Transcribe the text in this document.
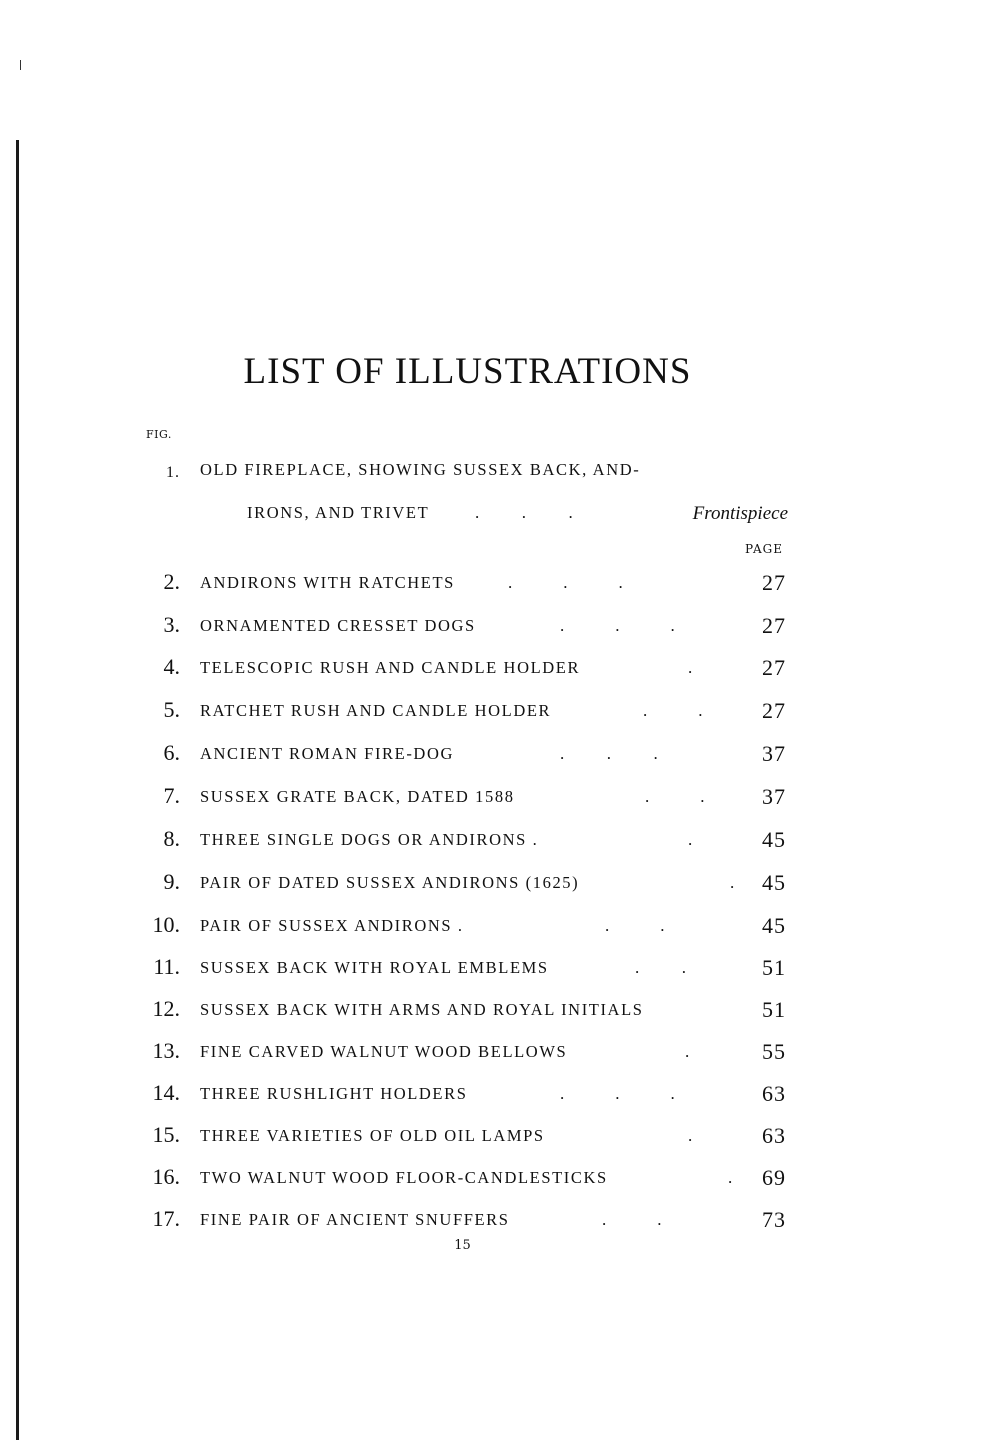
LIST OF ILLUSTRATIONS
FIG.
1. OLD FIREPLACE, SHOWING SUSSEX BACK, AND-
IRONS, AND TRIVET	.          .          .	Frontispiece
PAGE
2. ANDIRONS WITH RATCHETS	.            .            .	27
3. ORNAMENTED CRESSET DOGS	.            .            .	27
4. TELESCOPIC RUSH AND CANDLE HOLDER	.	27
5. RATCHET RUSH AND CANDLE HOLDER	.            .	27
6. ANCIENT ROMAN FIRE-DOG	.          .          .	37
7. SUSSEX GRATE BACK, DATED 1588	.            .	37
8. THREE SINGLE DOGS OR ANDIRONS .	.	45
9. PAIR OF DATED SUSSEX ANDIRONS (1625)	. 45
10. PAIR OF SUSSEX ANDIRONS .	.            .	45
11. SUSSEX BACK WITH ROYAL EMBLEMS	.          .	51
12. SUSSEX BACK WITH ARMS AND ROYAL INITIALS	51
13. FINE CARVED WALNUT WOOD BELLOWS	.	55
14. THREE RUSHLIGHT HOLDERS	.            .            .	63
15. THREE VARIETIES OF OLD OIL LAMPS	.	63
16. TWO WALNUT WOOD FLOOR-CANDLESTICKS	. 69
17. FINE PAIR OF ANCIENT SNUFFERS	.            .	73
15
